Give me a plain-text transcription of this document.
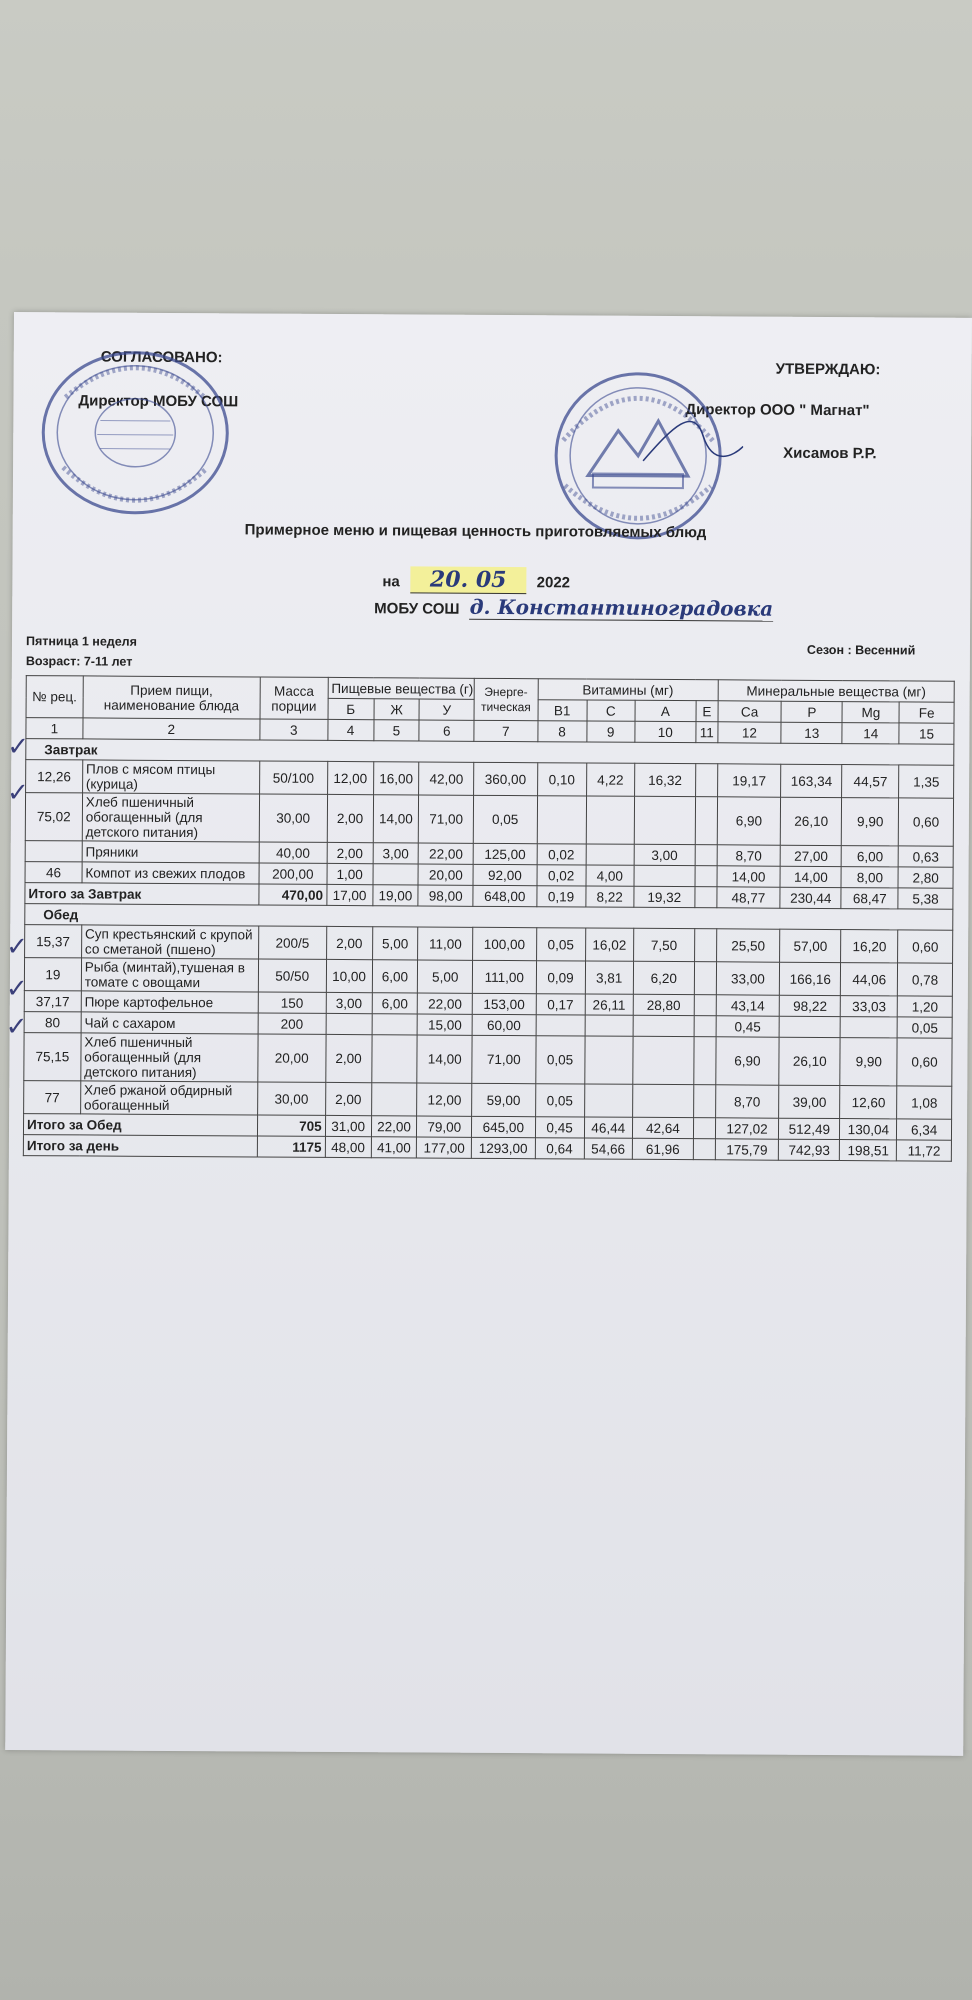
СОГЛАСОВАНО:
Директор МОБУ СОШ
УТВЕРЖДАЮ:
Директор ООО " Магнат"
Хисамов Р.Р.
Примерное меню и пищевая ценность приготовляемых блюд
на 20. 05 2022
МОБУ СОШ д. Константиноградовка
Пятница 1 неделя
Возраст: 7-11 лет
Сезон : Весенний
№ рец.	Прием пищи, наименование блюда	Масса порции	Пищевые вещества (г)			Энерге-тическая	Витамины (мг)				Минеральные вещества (мг)			
			Б	Ж	У		В1	С	А	Е	Са	Р	Mg	Fe
1	2	3	4	5	6	7	8	9	10	11	12	13	14	15
Завтрак														
12,26	Плов с мясом птицы (курица)	50/100	12,00	16,00	42,00	360,00	0,10	4,22	16,32		19,17	163,34	44,57	1,35
75,02	Хлеб пшеничный обогащенный (для детского питания)	30,00	2,00	14,00	71,00	0,05					6,90	26,10	9,90	0,60
	Пряники	40,00	2,00	3,00	22,00	125,00	0,02		3,00		8,70	27,00	6,00	0,63
46	Компот из свежих плодов	200,00	1,00		20,00	92,00	0,02	4,00			14,00	14,00	8,00	2,80
Итого за Завтрак		470,00	17,00	19,00	98,00	648,00	0,19	8,22	19,32		48,77	230,44	68,47	5,38
Обед														
15,37	Суп крестьянский с крупой со сметаной (пшено)	200/5	2,00	5,00	11,00	100,00	0,05	16,02	7,50		25,50	57,00	16,20	0,60
19	Рыба (минтай),тушеная в томате с овощами	50/50	10,00	6,00	5,00	111,00	0,09	3,81	6,20		33,00	166,16	44,06	0,78
37,17	Пюре картофельное	150	3,00	6,00	22,00	153,00	0,17	26,11	28,80		43,14	98,22	33,03	1,20
80	Чай с сахаром	200			15,00	60,00					0,45			0,05
75,15	Хлеб пшеничный обогащенный (для детского питания)	20,00	2,00		14,00	71,00	0,05				6,90	26,10	9,90	0,60
77	Хлеб ржаной обдирный обогащенный	30,00	2,00		12,00	59,00	0,05				8,70	39,00	12,60	1,08
Итого за Обед		705	31,00	22,00	79,00	645,00	0,45	46,44	42,64		127,02	512,49	130,04	6,34
Итого за день		1175	48,00	41,00	177,00	1293,00	0,64	54,66	61,96		175,79	742,93	198,51	11,72
✓
✓
✓
✓
✓
